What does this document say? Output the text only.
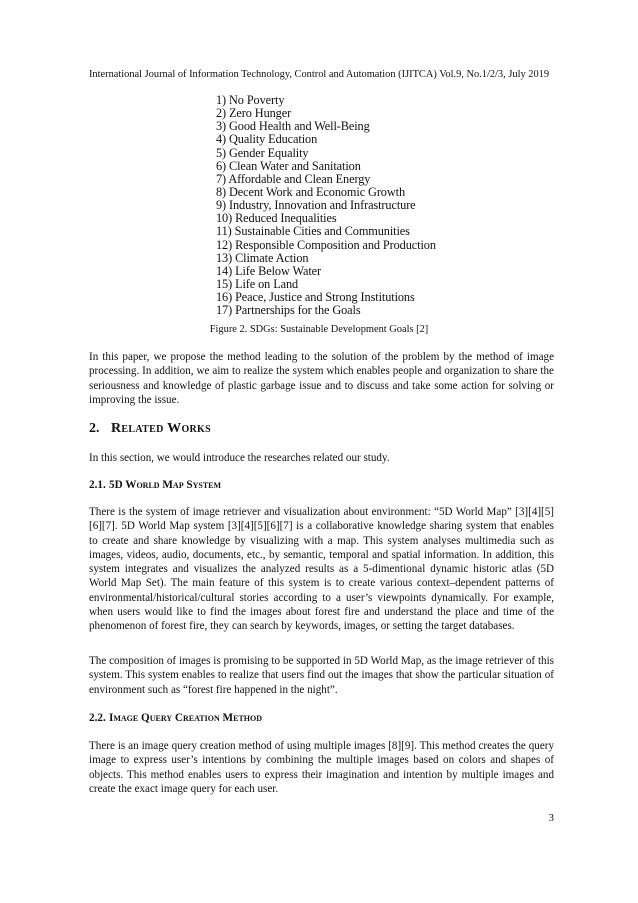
International Journal of Information Technology, Control and Automation (IJITCA) Vol.9, No.1/2/3, July 2019
1) No Poverty
2) Zero Hunger
3) Good Health and Well-Being
4) Quality Education
5) Gender Equality
6) Clean Water and Sanitation
7) Affordable and Clean Energy
8) Decent Work and Economic Growth
9) Industry, Innovation and Infrastructure
10) Reduced Inequalities
11) Sustainable Cities and Communities
12) Responsible Composition and Production
13) Climate Action
14) Life Below Water
15) Life on Land
16) Peace, Justice and Strong Institutions
17) Partnerships for the Goals
Figure 2. SDGs: Sustainable Development Goals [2]

In this paper, we propose the method leading to the solution of the problem by the method of image processing. In addition, we aim to realize the system which enables people and organization to share the seriousness and knowledge of plastic garbage issue and to discuss and take some action for solving or improving the issue.

2. Related Works

In this section, we would introduce the researches related our study.

2.1. 5D World Map System

There is the system of image retriever and visualization about environment: “5D World Map” [3][4][5][6][7]. 5D World Map system [3][4][5][6][7] is a collaborative knowledge sharing system that enables to create and share knowledge by visualizing with a map. This system analyses multimedia such as images, videos, audio, documents, etc., by semantic, temporal and spatial information. In addition, this system integrates and visualizes the analyzed results as a 5-dimentional dynamic historic atlas (5D World Map Set). The main feature of this system is to create various context–dependent patterns of environmental/historical/cultural stories according to a user’s viewpoints dynamically. For example, when users would like to find the images about forest fire and understand the place and time of the phenomenon of forest fire, they can search by keywords, images, or setting the target databases.

The composition of images is promising to be supported in 5D World Map, as the image retriever of this system. This system enables to realize that users find out the images that show the particular situation of environment such as “forest fire happened in the night”.

2.2. Image Query Creation Method

There is an image query creation method of using multiple images [8][9]. This method creates the query image to express user’s intentions by combining the multiple images based on colors and shapes of objects. This method enables users to express their imagination and intention by multiple images and create the exact image query for each user.

3
